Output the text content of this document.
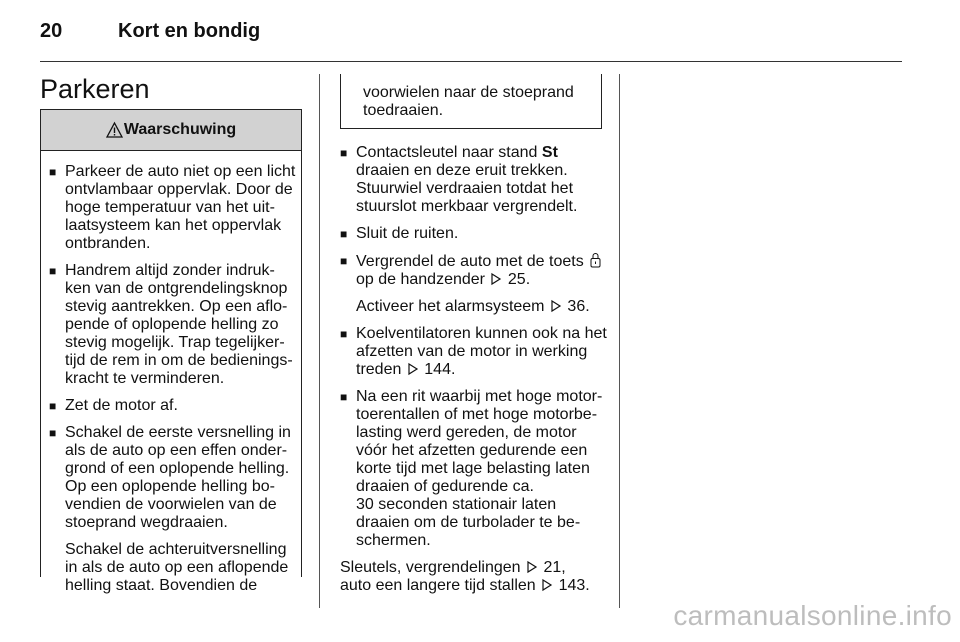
20	Kort en bondig
Parkeren
Waarschuwing
■ Parkeer de auto niet op een licht ontvlambaar oppervlak. Door de hoge temperatuur van het uit-laatsysteem kan het oppervlak ontbranden.
■ Handrem altijd zonder indruk-ken van de ontgrendelingsknop stevig aantrekken. Op een aflo-pende of oplopende helling zo stevig mogelijk. Trap tegelijker-tijd de rem in om de bedienings-kracht te verminderen.
■ Zet de motor af.
■ Schakel de eerste versnelling in als de auto op een effen onder-grond of een oplopende helling. Op een oplopende helling bo-vendien de voorwielen van de stoeprand wegdraaien.
Schakel de achteruitversnelling in als de auto op een aflopende helling staat. Bovendien de
voorwielen naar de stoeprand toedraaien.
■ Contactsleutel naar stand St draaien en deze eruit trekken. Stuurwiel verdraaien totdat het stuurslot merkbaar vergrendelt.
■ Sluit de ruiten.
■ Vergrendel de auto met de toets
op de handzender 25.
Activeer het alarmsysteem 36.
■ Koelventilatoren kunnen ook na het afzetten van de motor in werking treden 144.
■ Na een rit waarbij met hoge motor-toerentallen of met hoge motorbe-lasting werd gereden, de motor vóór het afzetten gedurende een korte tijd met lage belasting laten draaien of gedurende ca.
30 seconden stationair laten draaien om de turbolader te be-schermen.
Sleutels, vergrendelingen 21,
auto een langere tijd stallen 143.
carmanualsonline.info
